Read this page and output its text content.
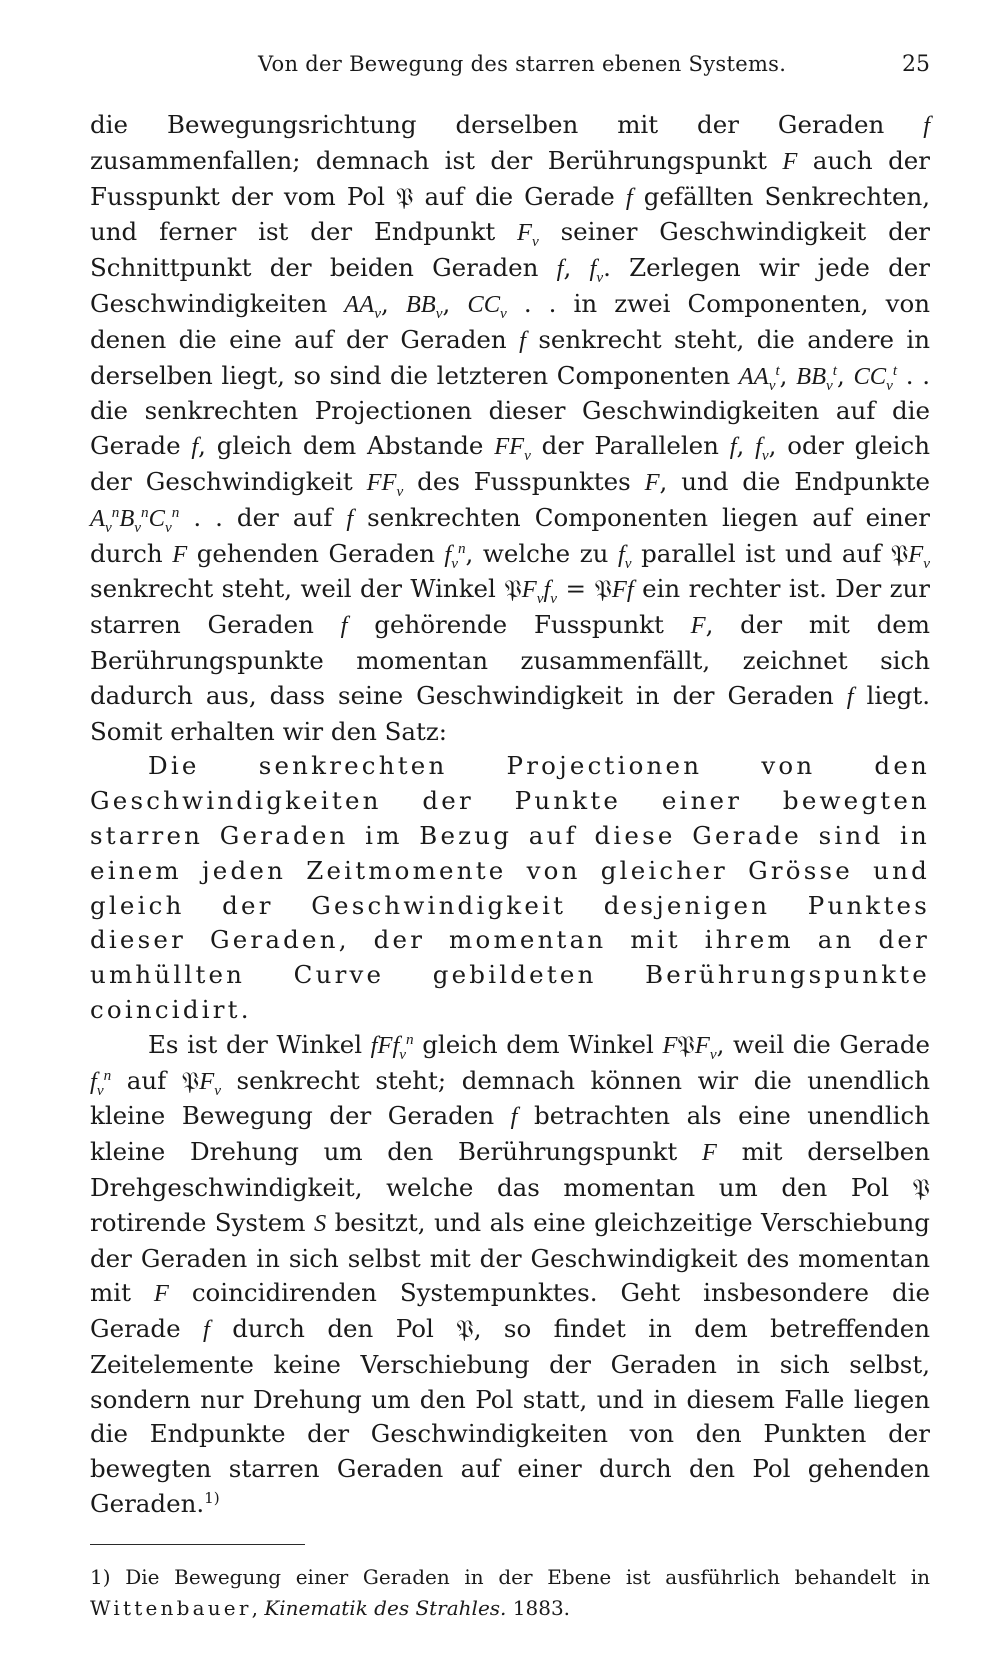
Von der Bewegung des starren ebenen Systems.	25

die Bewegungsrichtung derselben mit der Geraden f zusammenfallen; demnach ist der Berührungspunkt F auch der Fusspunkt der vom Pol 𝔓 auf die Gerade f gefällten Senkrechten, und ferner ist der Endpunkt $F_v$ seiner Geschwindigkeit der Schnittpunkt der beiden Geraden f, $f_v$. Zerlegen wir jede der Geschwindigkeiten $AA_v$, $BB_v$, $CC_v$ . . in zwei Componenten, von denen die eine auf der Geraden f senkrecht steht, die andere in derselben liegt, so sind die letzteren Componenten $AA_v^t$, $BB_v^t$, $CC_v^t$ . . die senkrechten Projectionen dieser Geschwindigkeiten auf die Gerade f, gleich dem Abstande $FF_v$ der Parallelen f, $f_v$, oder gleich der Geschwindigkeit $FF_v$ des Fusspunktes F, und die Endpunkte $A_v^nB_v^nC_v^n$ . . der auf f senkrechten Componenten liegen auf einer durch F gehenden Geraden $f_v^n$, welche zu $f_v$ parallel ist und auf 𝔓F$_v$ senkrecht steht, weil der Winkel $𝔓F_vf_v$ = 𝔓Ff ein rechter ist. Der zur starren Geraden f gehörende Fusspunkt F, der mit dem Berührungspunkte momentan zusammenfällt, zeichnet sich dadurch aus, dass seine Geschwindigkeit in der Geraden f liegt. Somit erhalten wir den Satz:

Die senkrechten Projectionen von den Geschwindigkeiten der Punkte einer bewegten starren Geraden im Bezug auf diese Gerade sind in einem jeden Zeitmomente von gleicher Grösse und gleich der Geschwindigkeit desjenigen Punktes dieser Geraden, der momentan mit ihrem an der umhüllten Curve gebildeten Berührungspunkte coincidirt.

Es ist der Winkel fFf$_v^n$ gleich dem Winkel F𝔓F$_v$, weil die Gerade $f_v^n$ auf 𝔓F$_v$ senkrecht steht; demnach können wir die unendlich kleine Bewegung der Geraden f betrachten als eine unendlich kleine Drehung um den Berührungspunkt F mit derselben Drehgeschwindigkeit, welche das momentan um den Pol 𝔓 rotirende System S besitzt, und als eine gleichzeitige Verschiebung der Geraden in sich selbst mit der Geschwindigkeit des momentan mit F coincidirenden Systempunktes. Geht insbesondere die Gerade f durch den Pol 𝔓, so findet in dem betreffenden Zeitelemente keine Verschiebung der Geraden in sich selbst, sondern nur Drehung um den Pol statt, und in diesem Falle liegen die Endpunkte der Geschwindigkeiten von den Punkten der bewegten starren Geraden auf einer durch den Pol gehenden Geraden.$^{1)}$

1) Die Bewegung einer Geraden in der Ebene ist ausführlich behandelt in Wittenbauer, Kinematik des Strahles. 1883.
